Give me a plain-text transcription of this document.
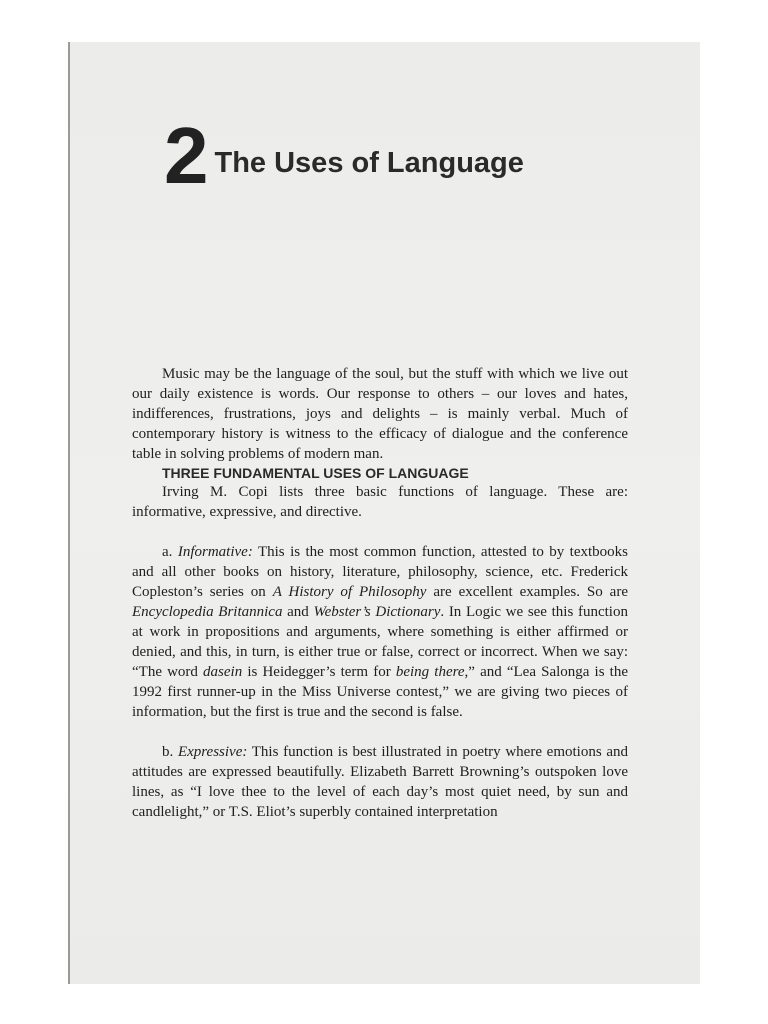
2 The Uses of Language

Music may be the language of the soul, but the stuff with which we live out our daily existence is words. Our response to others – our loves and hates, indifferences, frustrations, joys and delights – is mainly verbal. Much of contemporary history is witness to the efficacy of dialogue and the conference table in solving problems of modern man.

THREE FUNDAMENTAL USES OF LANGUAGE

Irving M. Copi lists three basic functions of language. These are: informative, expressive, and directive.

a. Informative: This is the most common function, attested to by textbooks and all other books on history, literature, philosophy, science, etc. Frederick Copleston’s series on A History of Philosophy are excellent examples. So are Encyclopedia Britannica and Webster’s Dictionary. In Logic we see this function at work in propositions and arguments, where something is either affirmed or denied, and this, in turn, is either true or false, correct or incorrect. When we say: “The word dasein is Heidegger’s term for being there,” and “Lea Salonga is the 1992 first runner-up in the Miss Universe contest,” we are giving two pieces of information, but the first is true and the second is false.

b. Expressive: This function is best illustrated in poetry where emotions and attitudes are expressed beautifully. Elizabeth Barrett Browning’s outspoken love lines, as “I love thee to the level of each day’s most quiet need, by sun and candlelight,” or T.S. Eliot’s superbly contained interpretation
